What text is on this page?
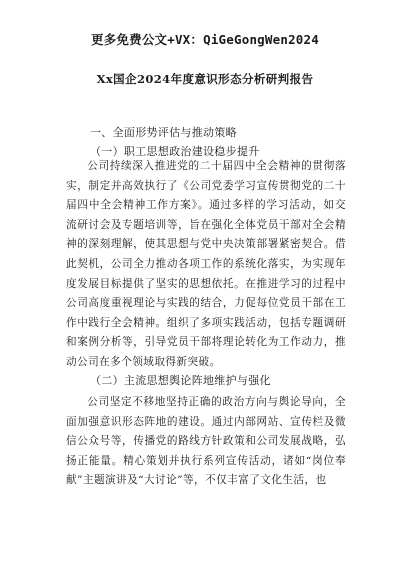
更多免费公文+VX：QiGeGongWen2024
Xx国企2024年度意识形态分析研判报告
一、全面形势评估与推动策略
（一）职工思想政治建设稳步提升
公司持续深入推进党的二十届四中全会精神的贯彻落实，制定并高效执行了《公司党委学习宣传贯彻党的二十届四中全会精神工作方案》。通过多样的学习活动，如交流研讨会及专题培训等，旨在强化全体党员干部对全会精神的深刻理解，使其思想与党中央决策部署紧密契合。借此契机，公司全力推动各项工作的系统化落实，为实现年度发展目标提供了坚实的思想依托。在推进学习的过程中公司高度重视理论与实践的结合，力促每位党员干部在工作中践行全会精神。组织了多项实践活动，包括专题调研和案例分析等，引导党员干部将理论转化为工作动力，推动公司在多个领域取得新突破。
（二）主流思想舆论阵地维护与强化
公司坚定不移地坚持正确的政治方向与舆论导向，全面加强意识形态阵地的建设。通过内部网站、宣传栏及微信公众号等，传播党的路线方针政策和公司发展战略，弘扬正能量。精心策划并执行系列宣传活动，诸如“岗位奉献”主题演讲及“大讨论”等，不仅丰富了文化生活，也
